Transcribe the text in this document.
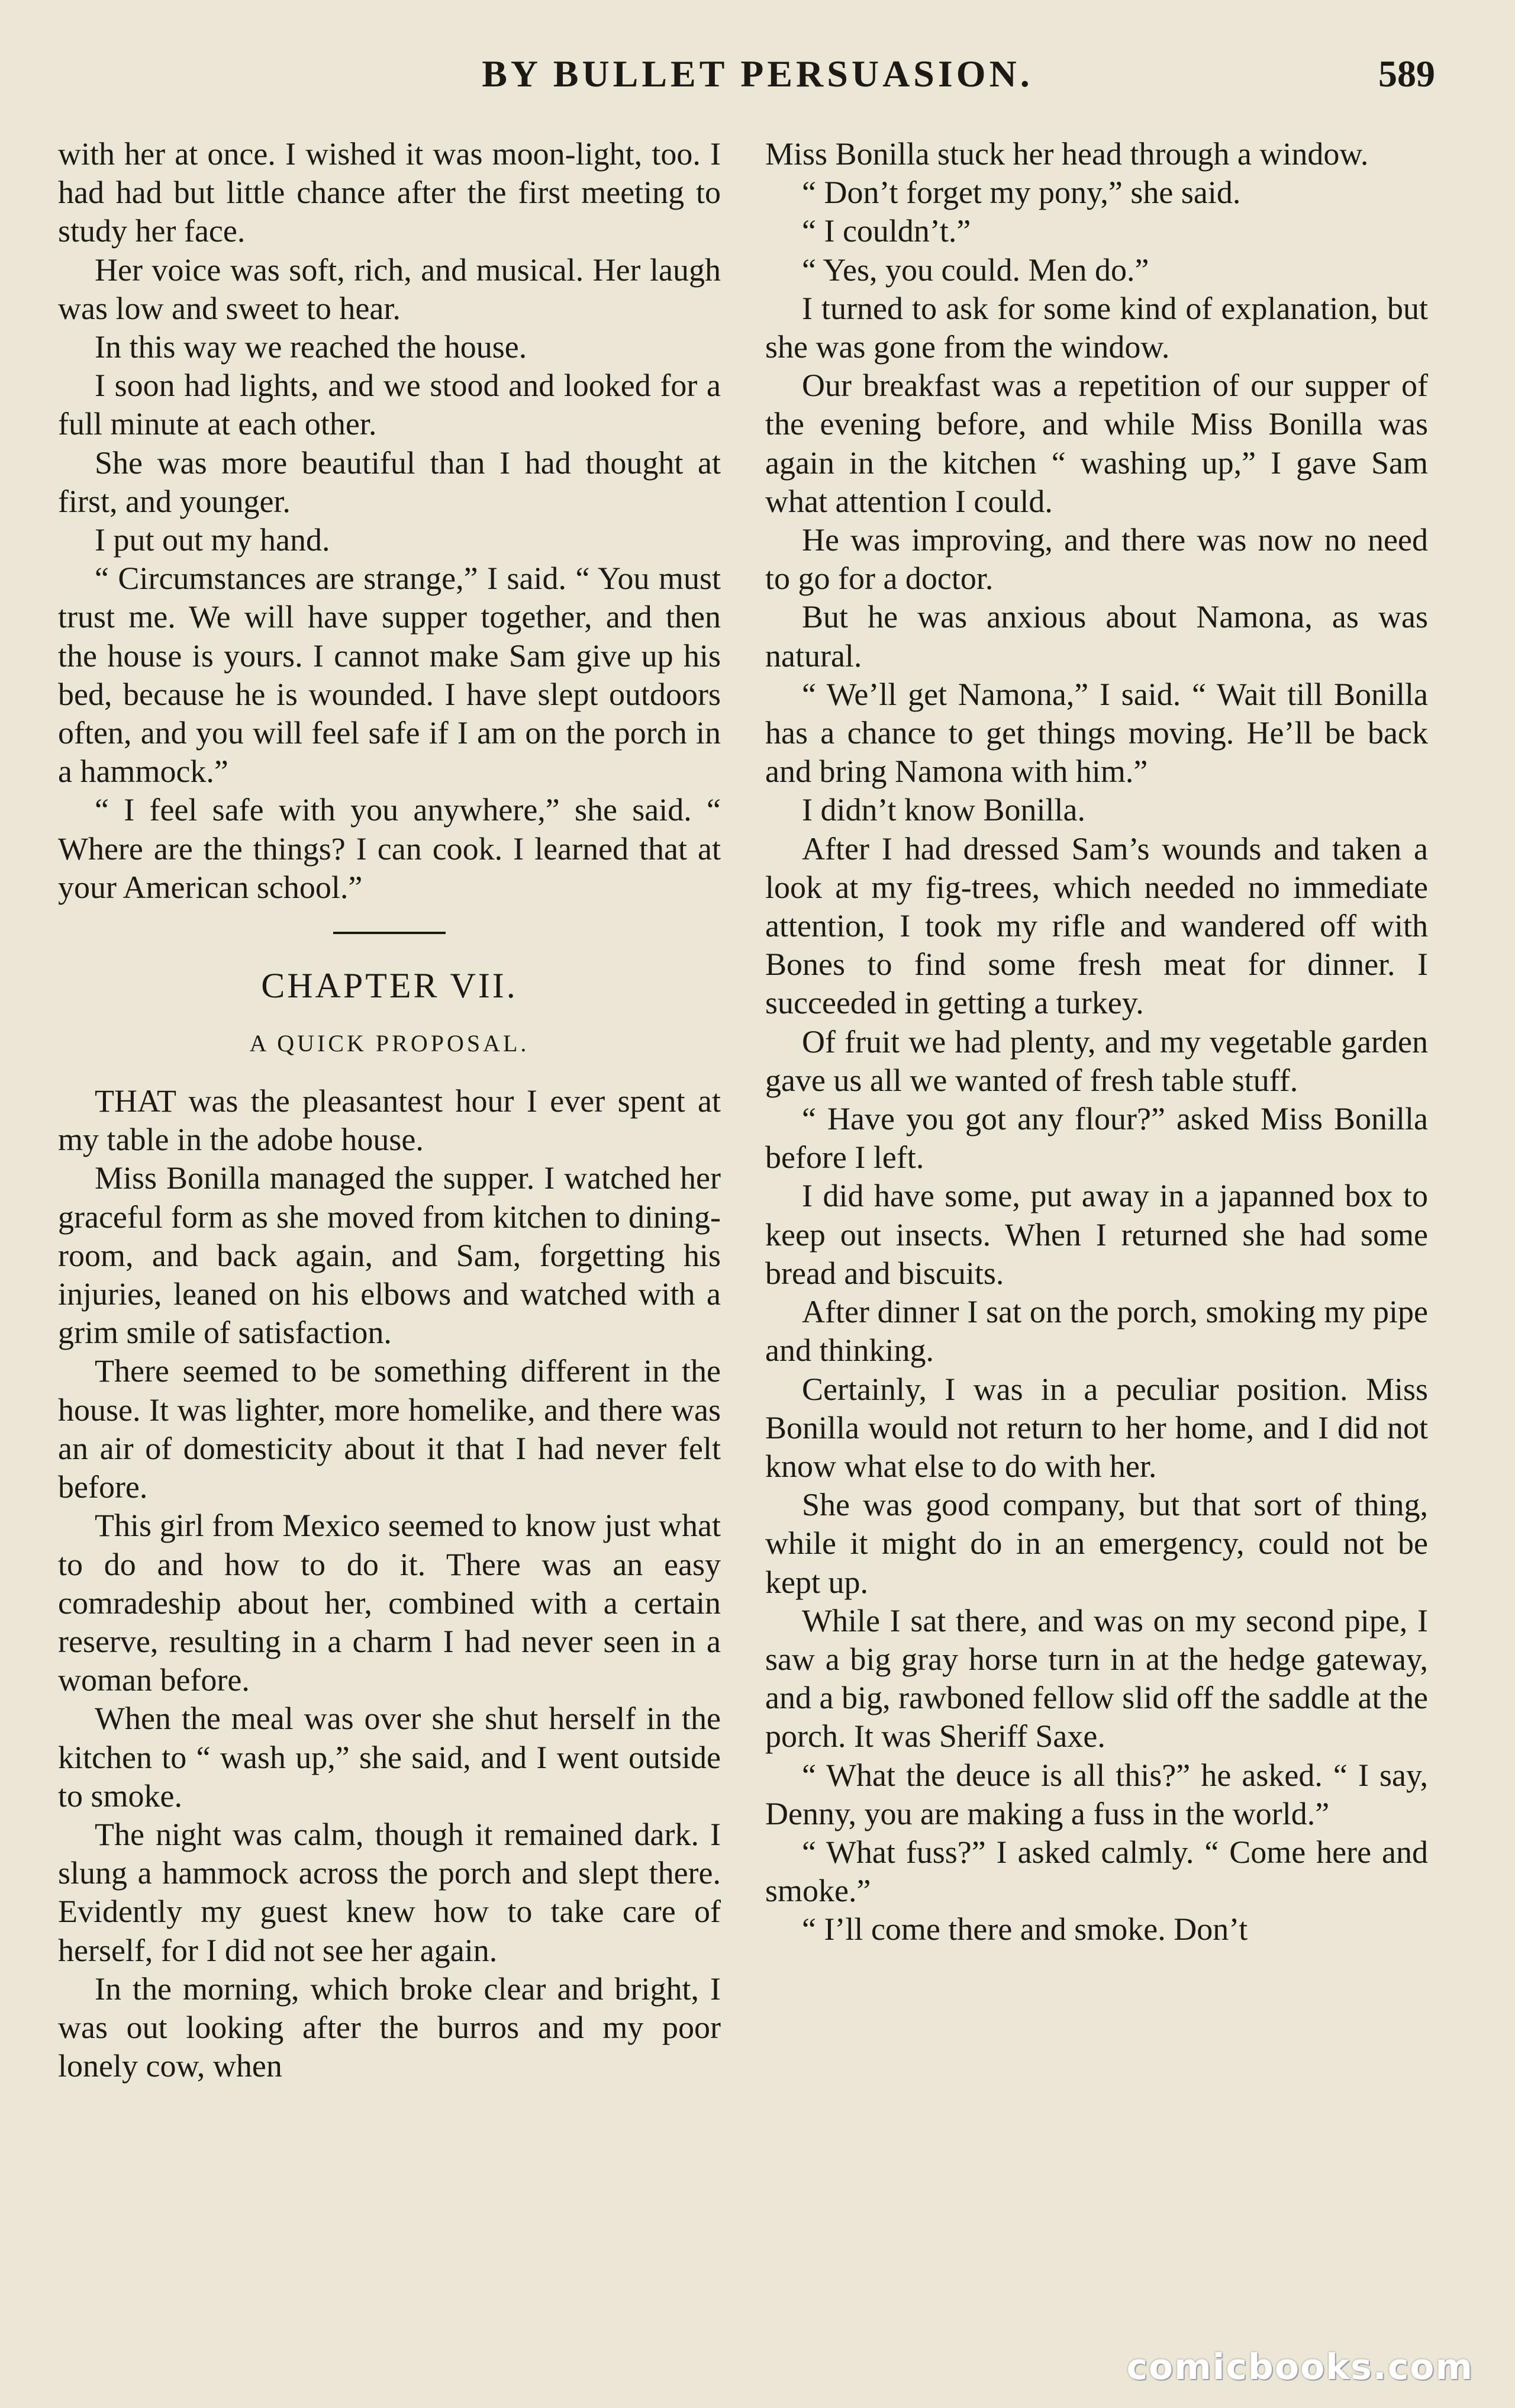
BY BULLET PERSUASION.	589

with her at once. I wished it was moon-light, too. I had had but little chance after the first meeting to study her face.

Her voice was soft, rich, and musical. Her laugh was low and sweet to hear.

In this way we reached the house.

I soon had lights, and we stood and looked for a full minute at each other.

She was more beautiful than I had thought at first, and younger.

I put out my hand.

“ Circumstances are strange,” I said. “ You must trust me. We will have supper together, and then the house is yours. I cannot make Sam give up his bed, because he is wounded. I have slept outdoors often, and you will feel safe if I am on the porch in a hammock.”

“ I feel safe with you anywhere,” she said. “ Where are the things? I can cook. I learned that at your American school.”

CHAPTER VII.
A QUICK PROPOSAL.

THAT was the pleasantest hour I ever spent at my table in the adobe house.

Miss Bonilla managed the supper. I watched her graceful form as she moved from kitchen to dining-room, and back again, and Sam, forgetting his injuries, leaned on his elbows and watched with a grim smile of satisfaction.

There seemed to be something different in the house. It was lighter, more homelike, and there was an air of domesticity about it that I had never felt before.

This girl from Mexico seemed to know just what to do and how to do it. There was an easy comradeship about her, combined with a certain reserve, resulting in a charm I had never seen in a woman before.

When the meal was over she shut herself in the kitchen to “ wash up,” she said, and I went outside to smoke.

The night was calm, though it remained dark. I slung a hammock across the porch and slept there. Evidently my guest knew how to take care of herself, for I did not see her again.

In the morning, which broke clear and bright, I was out looking after the burros and my poor lonely cow, when

Miss Bonilla stuck her head through a window.

“ Don’t forget my pony,” she said.

“ I couldn’t.”

“ Yes, you could. Men do.”

I turned to ask for some kind of explanation, but she was gone from the window.

Our breakfast was a repetition of our supper of the evening before, and while Miss Bonilla was again in the kitchen “ washing up,” I gave Sam what attention I could.

He was improving, and there was now no need to go for a doctor.

But he was anxious about Namona, as was natural.

“ We’ll get Namona,” I said. “ Wait till Bonilla has a chance to get things moving. He’ll be back and bring Namona with him.”

I didn’t know Bonilla.

After I had dressed Sam’s wounds and taken a look at my fig-trees, which needed no immediate attention, I took my rifle and wandered off with Bones to find some fresh meat for dinner. I succeeded in getting a turkey.

Of fruit we had plenty, and my vegetable garden gave us all we wanted of fresh table stuff.

“ Have you got any flour?” asked Miss Bonilla before I left.

I did have some, put away in a japanned box to keep out insects. When I returned she had some bread and biscuits.

After dinner I sat on the porch, smoking my pipe and thinking.

Certainly, I was in a peculiar position. Miss Bonilla would not return to her home, and I did not know what else to do with her.

She was good company, but that sort of thing, while it might do in an emergency, could not be kept up.

While I sat there, and was on my second pipe, I saw a big gray horse turn in at the hedge gateway, and a big, rawboned fellow slid off the saddle at the porch. It was Sheriff Saxe.

“ What the deuce is all this?” he asked. “ I say, Denny, you are making a fuss in the world.”

“ What fuss?” I asked calmly. “ Come here and smoke.”

“ I’ll come there and smoke. Don’t

comicbooks.com
